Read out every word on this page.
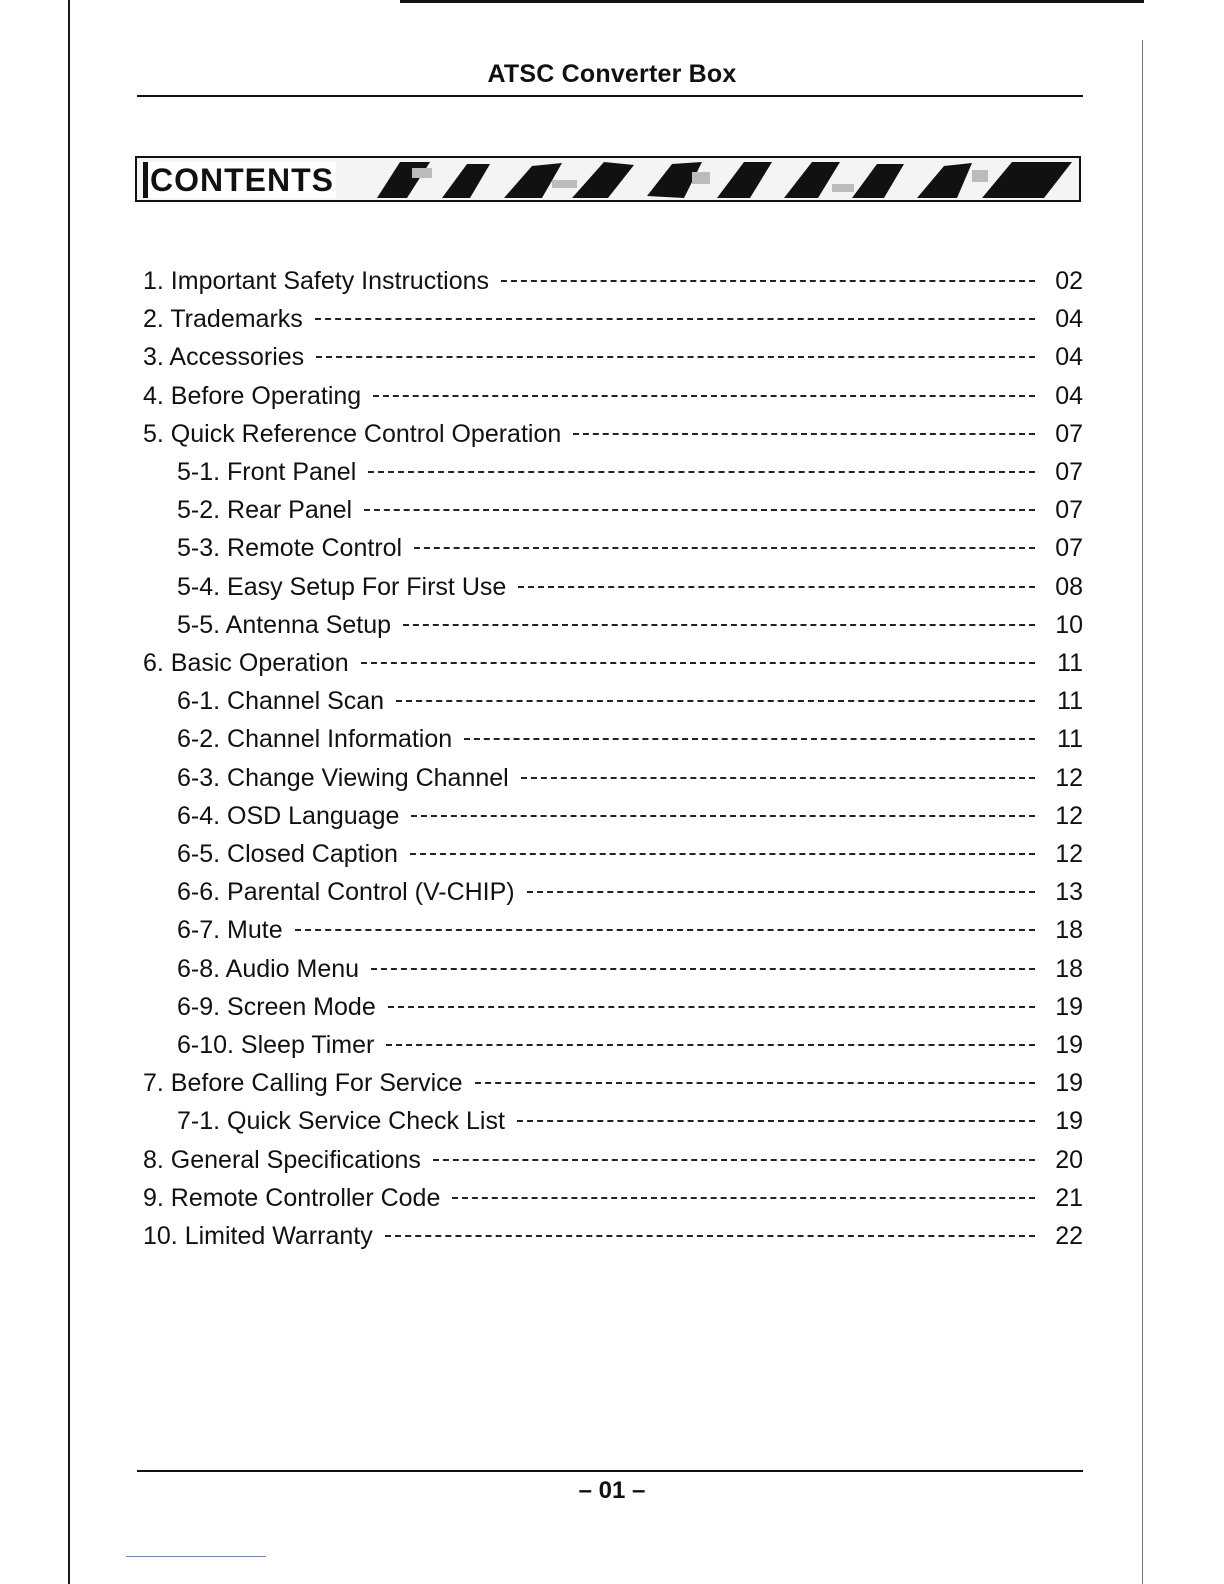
ATSC Converter Box
CONTENTS
1. Important Safety Instructions	02
2. Trademarks	04
3. Accessories	04
4. Before Operating	04
5. Quick Reference Control Operation	07
5-1. Front Panel	07
5-2. Rear Panel	07
5-3. Remote Control	07
5-4. Easy Setup For First Use	08
5-5. Antenna Setup	10
6. Basic Operation	11
6-1. Channel Scan	11
6-2. Channel Information	11
6-3. Change Viewing Channel	12
6-4. OSD Language	12
6-5. Closed Caption	12
6-6. Parental Control (V-CHIP)	13
6-7. Mute	18
6-8. Audio Menu	18
6-9. Screen Mode	19
6-10. Sleep Timer	19
7. Before Calling For Service	19
7-1. Quick Service Check List	19
8. General Specifications	20
9. Remote Controller Code	21
10. Limited Warranty	22
– 01 –
